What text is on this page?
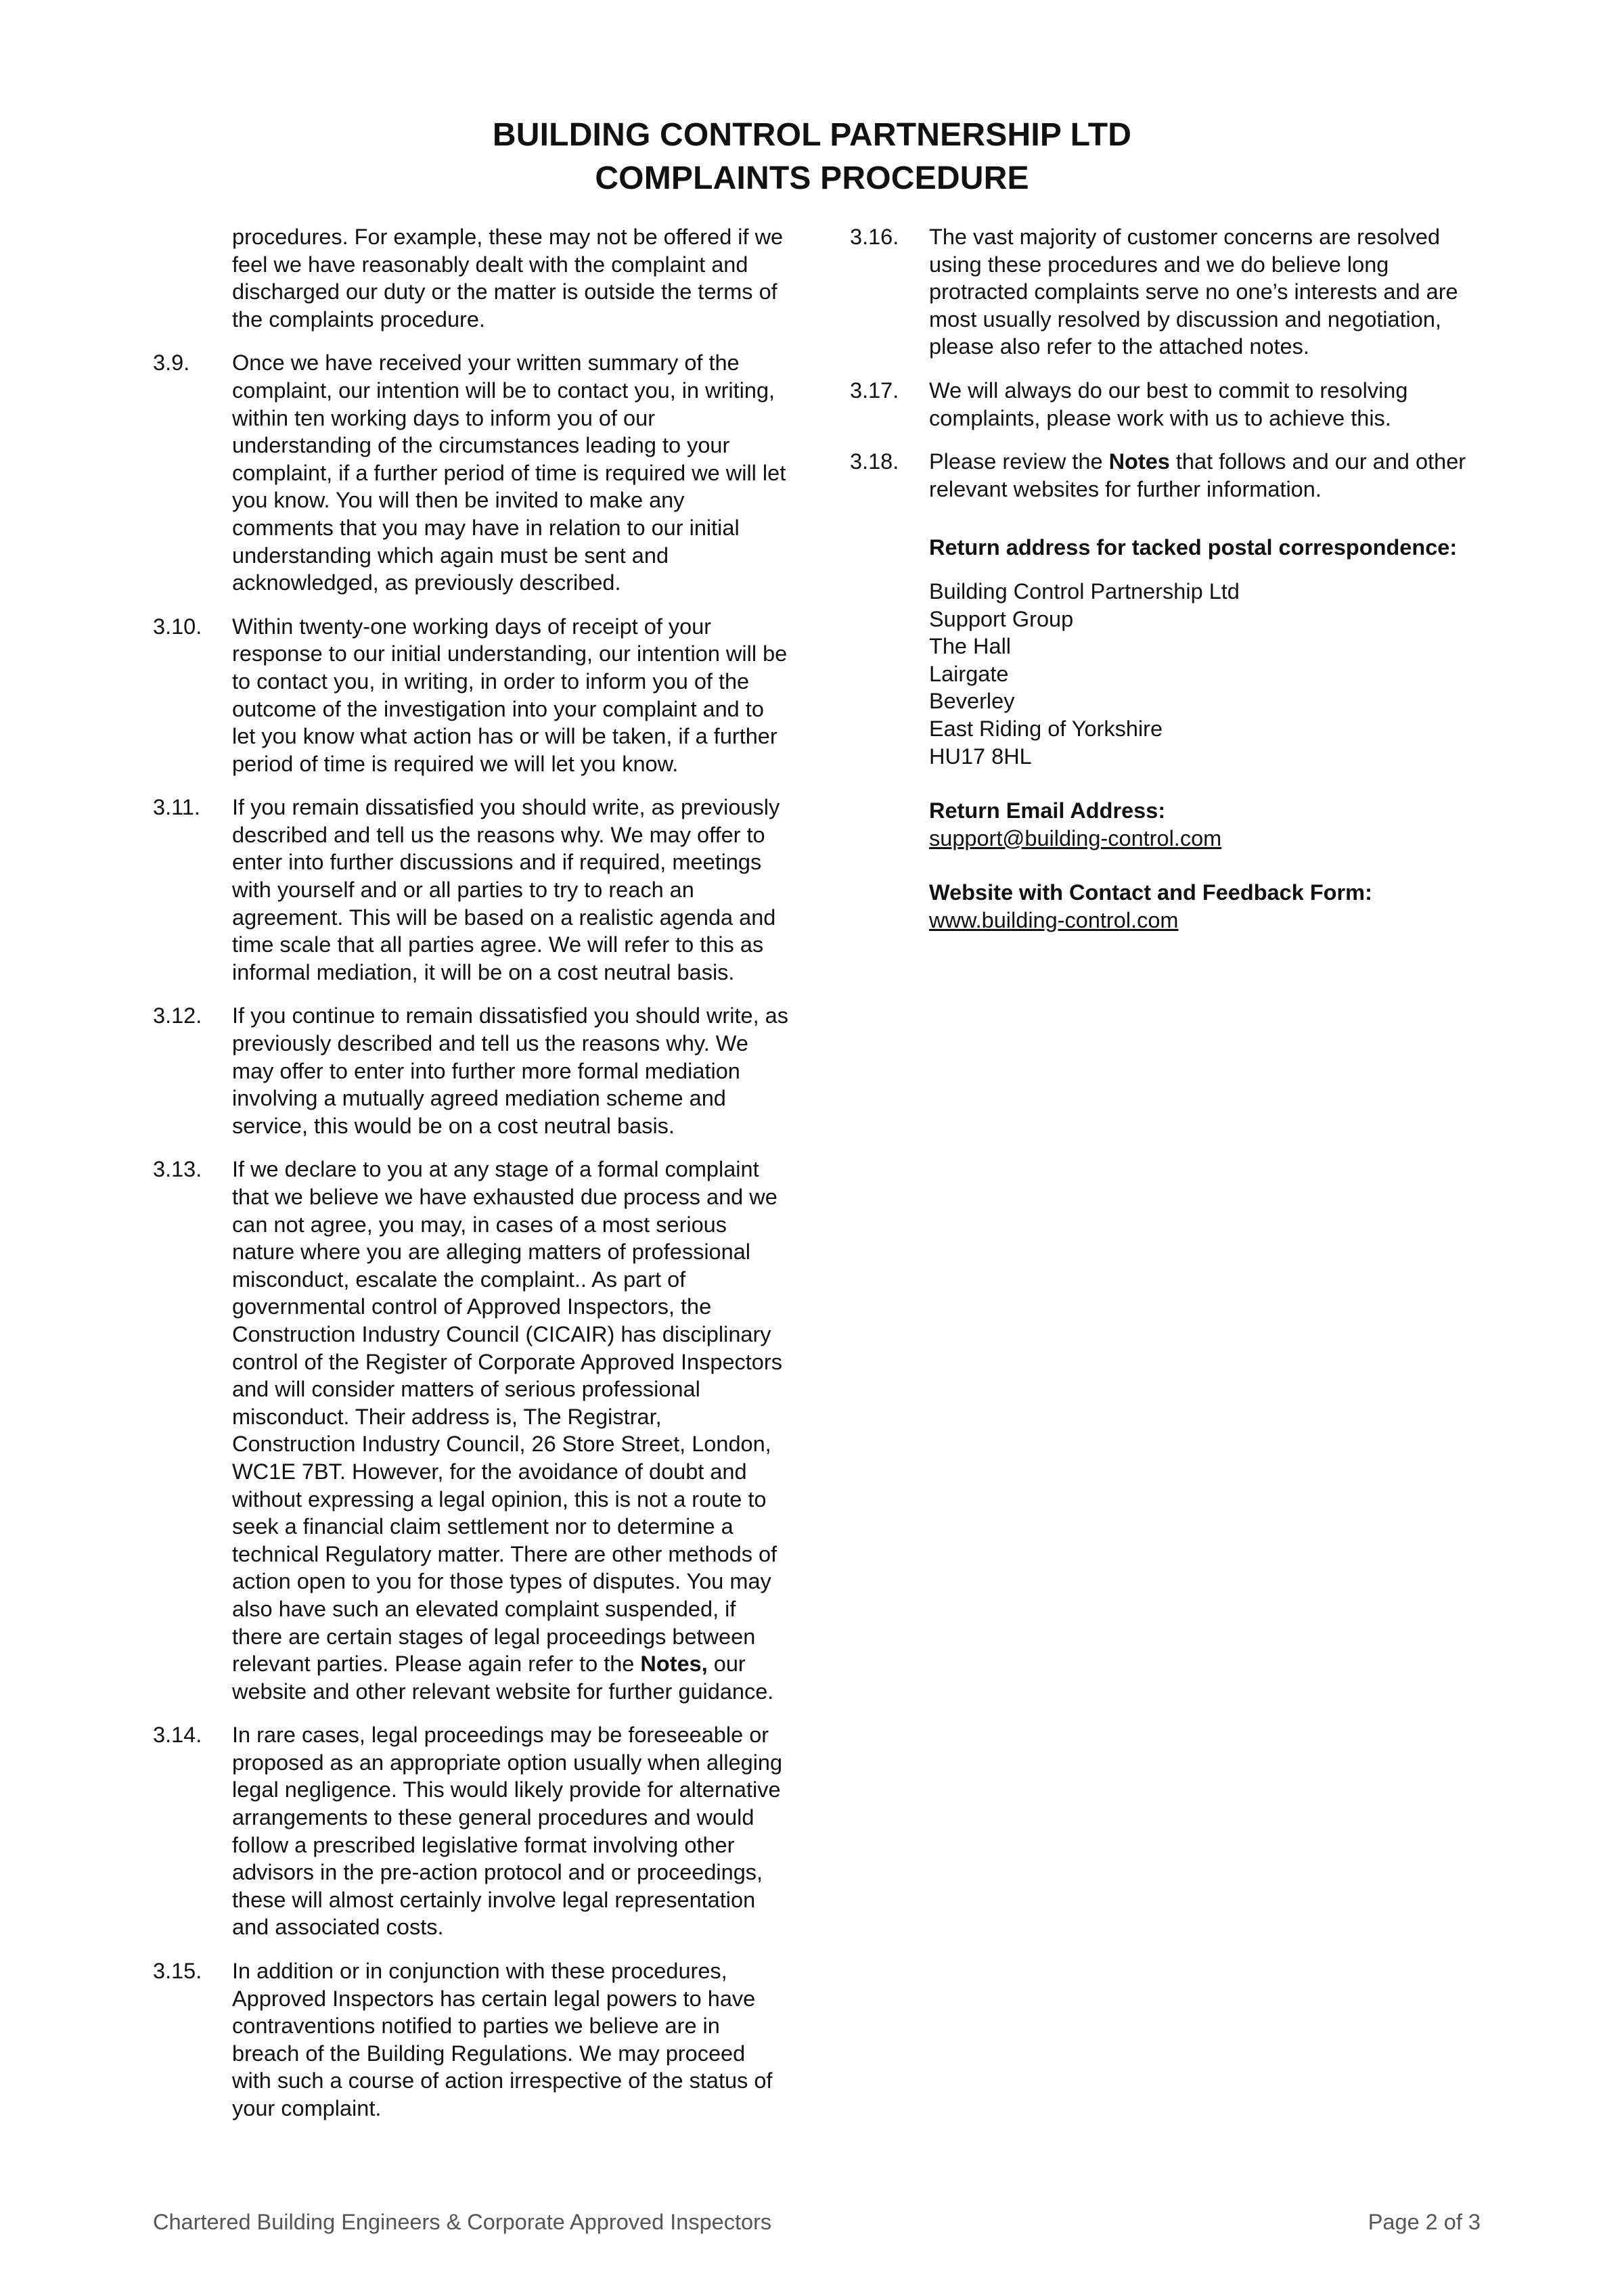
BUILDING CONTROL PARTNERSHIP LTD
COMPLAINTS PROCEDURE
procedures. For example, these may not be offered if we feel we have reasonably dealt with the complaint and discharged our duty or the matter is outside the terms of the complaints procedure.
3.9. Once we have received your written summary of the complaint, our intention will be to contact you, in writing, within ten working days to inform you of our understanding of the circumstances leading to your complaint, if a further period of time is required we will let you know. You will then be invited to make any comments that you may have in relation to our initial understanding which again must be sent and acknowledged, as previously described.
3.10. Within twenty-one working days of receipt of your response to our initial understanding, our intention will be to contact you, in writing, in order to inform you of the outcome of the investigation into your complaint and to let you know what action has or will be taken, if a further period of time is required we will let you know.
3.11. If you remain dissatisfied you should write, as previously described and tell us the reasons why. We may offer to enter into further discussions and if required, meetings with yourself and or all parties to try to reach an agreement. This will be based on a realistic agenda and time scale that all parties agree. We will refer to this as informal mediation, it will be on a cost neutral basis.
3.12. If you continue to remain dissatisfied you should write, as previously described and tell us the reasons why. We may offer to enter into further more formal mediation involving a mutually agreed mediation scheme and service, this would be on a cost neutral basis.
3.13. If we declare to you at any stage of a formal complaint that we believe we have exhausted due process and we can not agree, you may, in cases of a most serious nature where you are alleging matters of professional misconduct, escalate the complaint.. As part of governmental control of Approved Inspectors, the Construction Industry Council (CICAIR) has disciplinary control of the Register of Corporate Approved Inspectors and will consider matters of serious professional misconduct. Their address is, The Registrar, Construction Industry Council, 26 Store Street, London, WC1E 7BT. However, for the avoidance of doubt and without expressing a legal opinion, this is not a route to seek a financial claim settlement nor to determine a technical Regulatory matter. There are other methods of action open to you for those types of disputes. You may also have such an elevated complaint suspended, if there are certain stages of legal proceedings between relevant parties. Please again refer to the Notes, our website and other relevant website for further guidance.
3.14. In rare cases, legal proceedings may be foreseeable or proposed as an appropriate option usually when alleging legal negligence. This would likely provide for alternative arrangements to these general procedures and would follow a prescribed legislative format involving other advisors in the pre-action protocol and or proceedings, these will almost certainly involve legal representation and associated costs.
3.15. In addition or in conjunction with these procedures, Approved Inspectors has certain legal powers to have contraventions notified to parties we believe are in breach of the Building Regulations. We may proceed with such a course of action irrespective of the status of your complaint.
3.16. The vast majority of customer concerns are resolved using these procedures and we do believe long protracted complaints serve no one’s interests and are most usually resolved by discussion and negotiation, please also refer to the attached notes.
3.17. We will always do our best to commit to resolving complaints, please work with us to achieve this.
3.18. Please review the Notes that follows and our and other relevant websites for further information.
Return address for tacked postal correspondence:
Building Control Partnership Ltd
Support Group
The Hall
Lairgate
Beverley
East Riding of Yorkshire
HU17 8HL
Return Email Address:
support@building-control.com
Website with Contact and Feedback Form:
www.building-control.com
Chartered Building Engineers & Corporate Approved Inspectors	Page 2 of 3
